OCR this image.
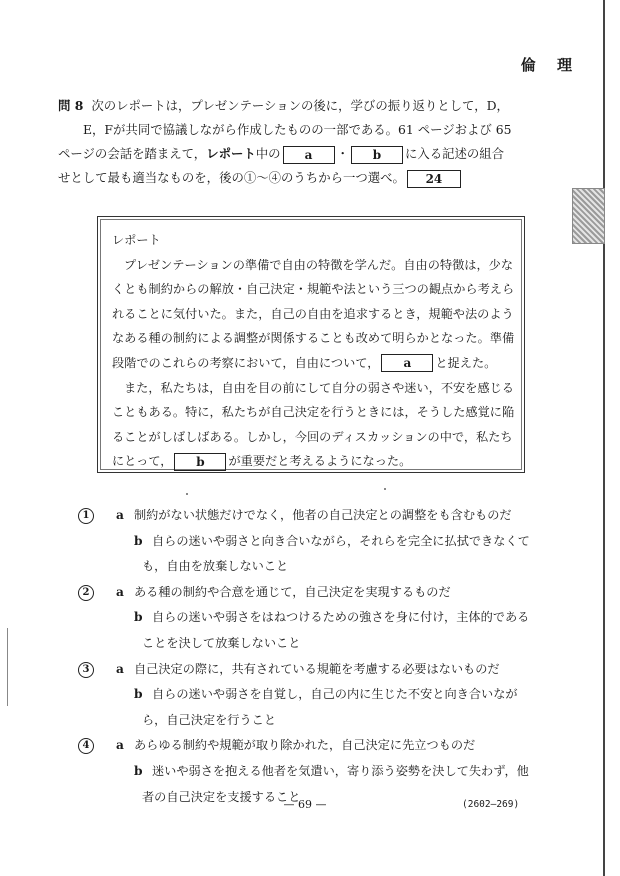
倫 理
問 8 次のレポートは，プレゼンテーションの後に，学びの振り返りとして，D，
E，Fが共同で協議しながら作成したものの一部である。61 ページおよび 65
ページの会話を踏まえて，レポート中の a ・ b に入る記述の組合
せとして最も適当なものを，後の①～④のうちから一つ選べ。 24
レポート
プレゼンテーションの準備で自由の特徴を学んだ。自由の特徴は，少な
くとも制約からの解放・自己決定・規範や法という三つの観点から考えら
れることに気付いた。また，自己の自由を追求するとき，規範や法のよう
なある種の制約による調整が関係することも改めて明らかとなった。準備
段階でのこれらの考察において，自由について， a と捉えた。
また，私たちは，自由を目の前にして自分の弱さや迷い，不安を感じる
こともある。特に，私たちが自己決定を行うときには，そうした感覚に陥
ることがしばしばある。しかし，今回のディスカッションの中で，私たち
にとって， b が重要だと考えるようになった。
1	a 制約がない状態だけでなく，他者の自己決定との調整をも含むものだ
b 自らの迷いや弱さと向き合いながら，それらを完全に払拭できなくて
も，自由を放棄しないこと
2	a ある種の制約や合意を通じて，自己決定を実現するものだ
b 自らの迷いや弱さをはねつけるための強さを身に付け，主体的である
ことを決して放棄しないこと
3	a 自己決定の際に，共有されている規範を考慮する必要はないものだ
b 自らの迷いや弱さを自覚し，自己の内に生じた不安と向き合いなが
ら，自己決定を行うこと
4	a あらゆる制約や規範が取り除かれた，自己決定に先立つものだ
b 迷いや弱さを抱える他者を気遣い，寄り添う姿勢を決して失わず，他
者の自己決定を支援すること
— 69 —	(2602—269)
